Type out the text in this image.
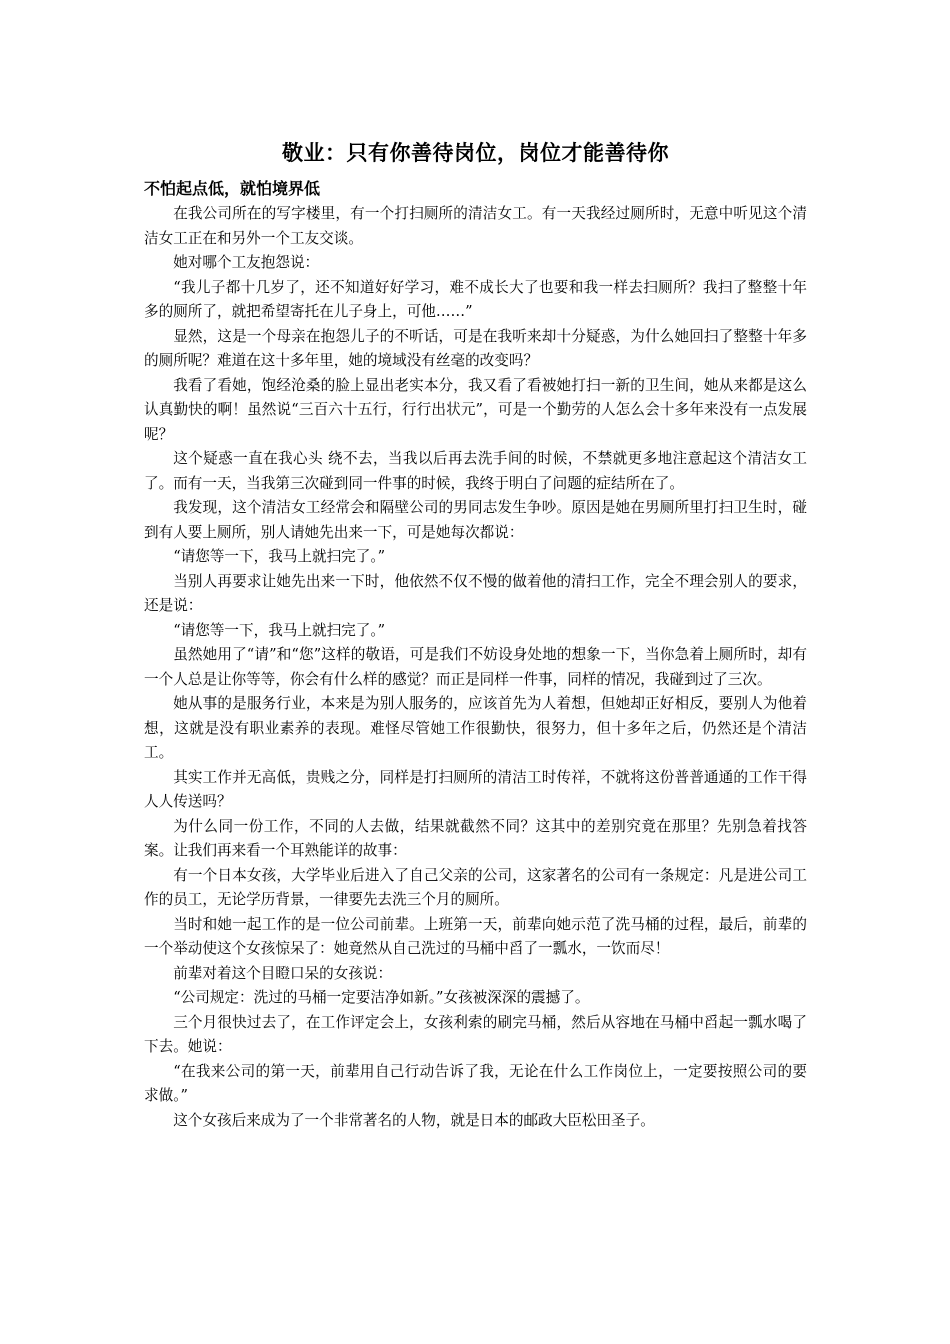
敬业：只有你善待岗位，岗位才能善待你
不怕起点低，就怕境界低

在我公司所在的写字楼里，有一个打扫厕所的清洁女工。有一天我经过厕所时，无意中听见这个清洁女工正在和另外一个工友交谈。

她对哪个工友抱怨说：

“我儿子都十几岁了，还不知道好好学习，难不成长大了也要和我一样去扫厕所？我扫了整整十年多的厕所了，就把希望寄托在儿子身上，可他……”

显然，这是一个母亲在抱怨儿子的不听话，可是在我听来却十分疑惑，为什么她回扫了整整十年多的厕所呢？难道在这十多年里，她的境域没有丝毫的改变吗？

我看了看她，饱经沧桑的脸上显出老实本分，我又看了看被她打扫一新的卫生间，她从来都是这么认真勤快的啊！虽然说“三百六十五行，行行出状元”，可是一个勤劳的人怎么会十多年来没有一点发展呢？

这个疑惑一直在我心头 绕不去，当我以后再去洗手间的时候，不禁就更多地注意起这个清洁女工了。而有一天，当我第三次碰到同一件事的时候，我终于明白了问题的症结所在了。

我发现，这个清洁女工经常会和隔壁公司的男同志发生争吵。原因是她在男厕所里打扫卫生时，碰到有人要上厕所，别人请她先出来一下，可是她每次都说：

“请您等一下，我马上就扫完了。”

当别人再要求让她先出来一下时，他依然不仅不慢的做着他的清扫工作，完全不理会别人的要求，还是说：

“请您等一下，我马上就扫完了。”

虽然她用了“请”和“您”这样的敬语，可是我们不妨设身处地的想象一下，当你急着上厕所时，却有一个人总是让你等等，你会有什么样的感觉？而正是同样一件事，同样的情况，我碰到过了三次。

她从事的是服务行业，本来是为别人服务的，应该首先为人着想，但她却正好相反，要别人为他着想，这就是没有职业素养的表现。难怪尽管她工作很勤快，很努力，但十多年之后，仍然还是个清洁工。

其实工作并无高低，贵贱之分，同样是打扫厕所的清洁工时传祥，不就将这份普普通通的工作干得人人传送吗？

为什么同一份工作，不同的人去做，结果就截然不同？这其中的差别究竟在那里？先别急着找答案。让我们再来看一个耳熟能详的故事：

有一个日本女孩，大学毕业后进入了自己父亲的公司，这家著名的公司有一条规定：凡是进公司工作的员工，无论学历背景，一律要先去洗三个月的厕所。

当时和她一起工作的是一位公司前辈。上班第一天，前辈向她示范了洗马桶的过程，最后，前辈的一个举动使这个女孩惊呆了：她竟然从自己洗过的马桶中舀了一瓢水，一饮而尽！

前辈对着这个目瞪口呆的女孩说：

“公司规定：洗过的马桶一定要洁净如新。”女孩被深深的震撼了。

三个月很快过去了，在工作评定会上，女孩利索的刷完马桶，然后从容地在马桶中舀起一瓢水喝了下去。她说：

“在我来公司的第一天，前辈用自己行动告诉了我，无论在什么工作岗位上，一定要按照公司的要求做。”

这个女孩后来成为了一个非常著名的人物，就是日本的邮政大臣松田圣子。
